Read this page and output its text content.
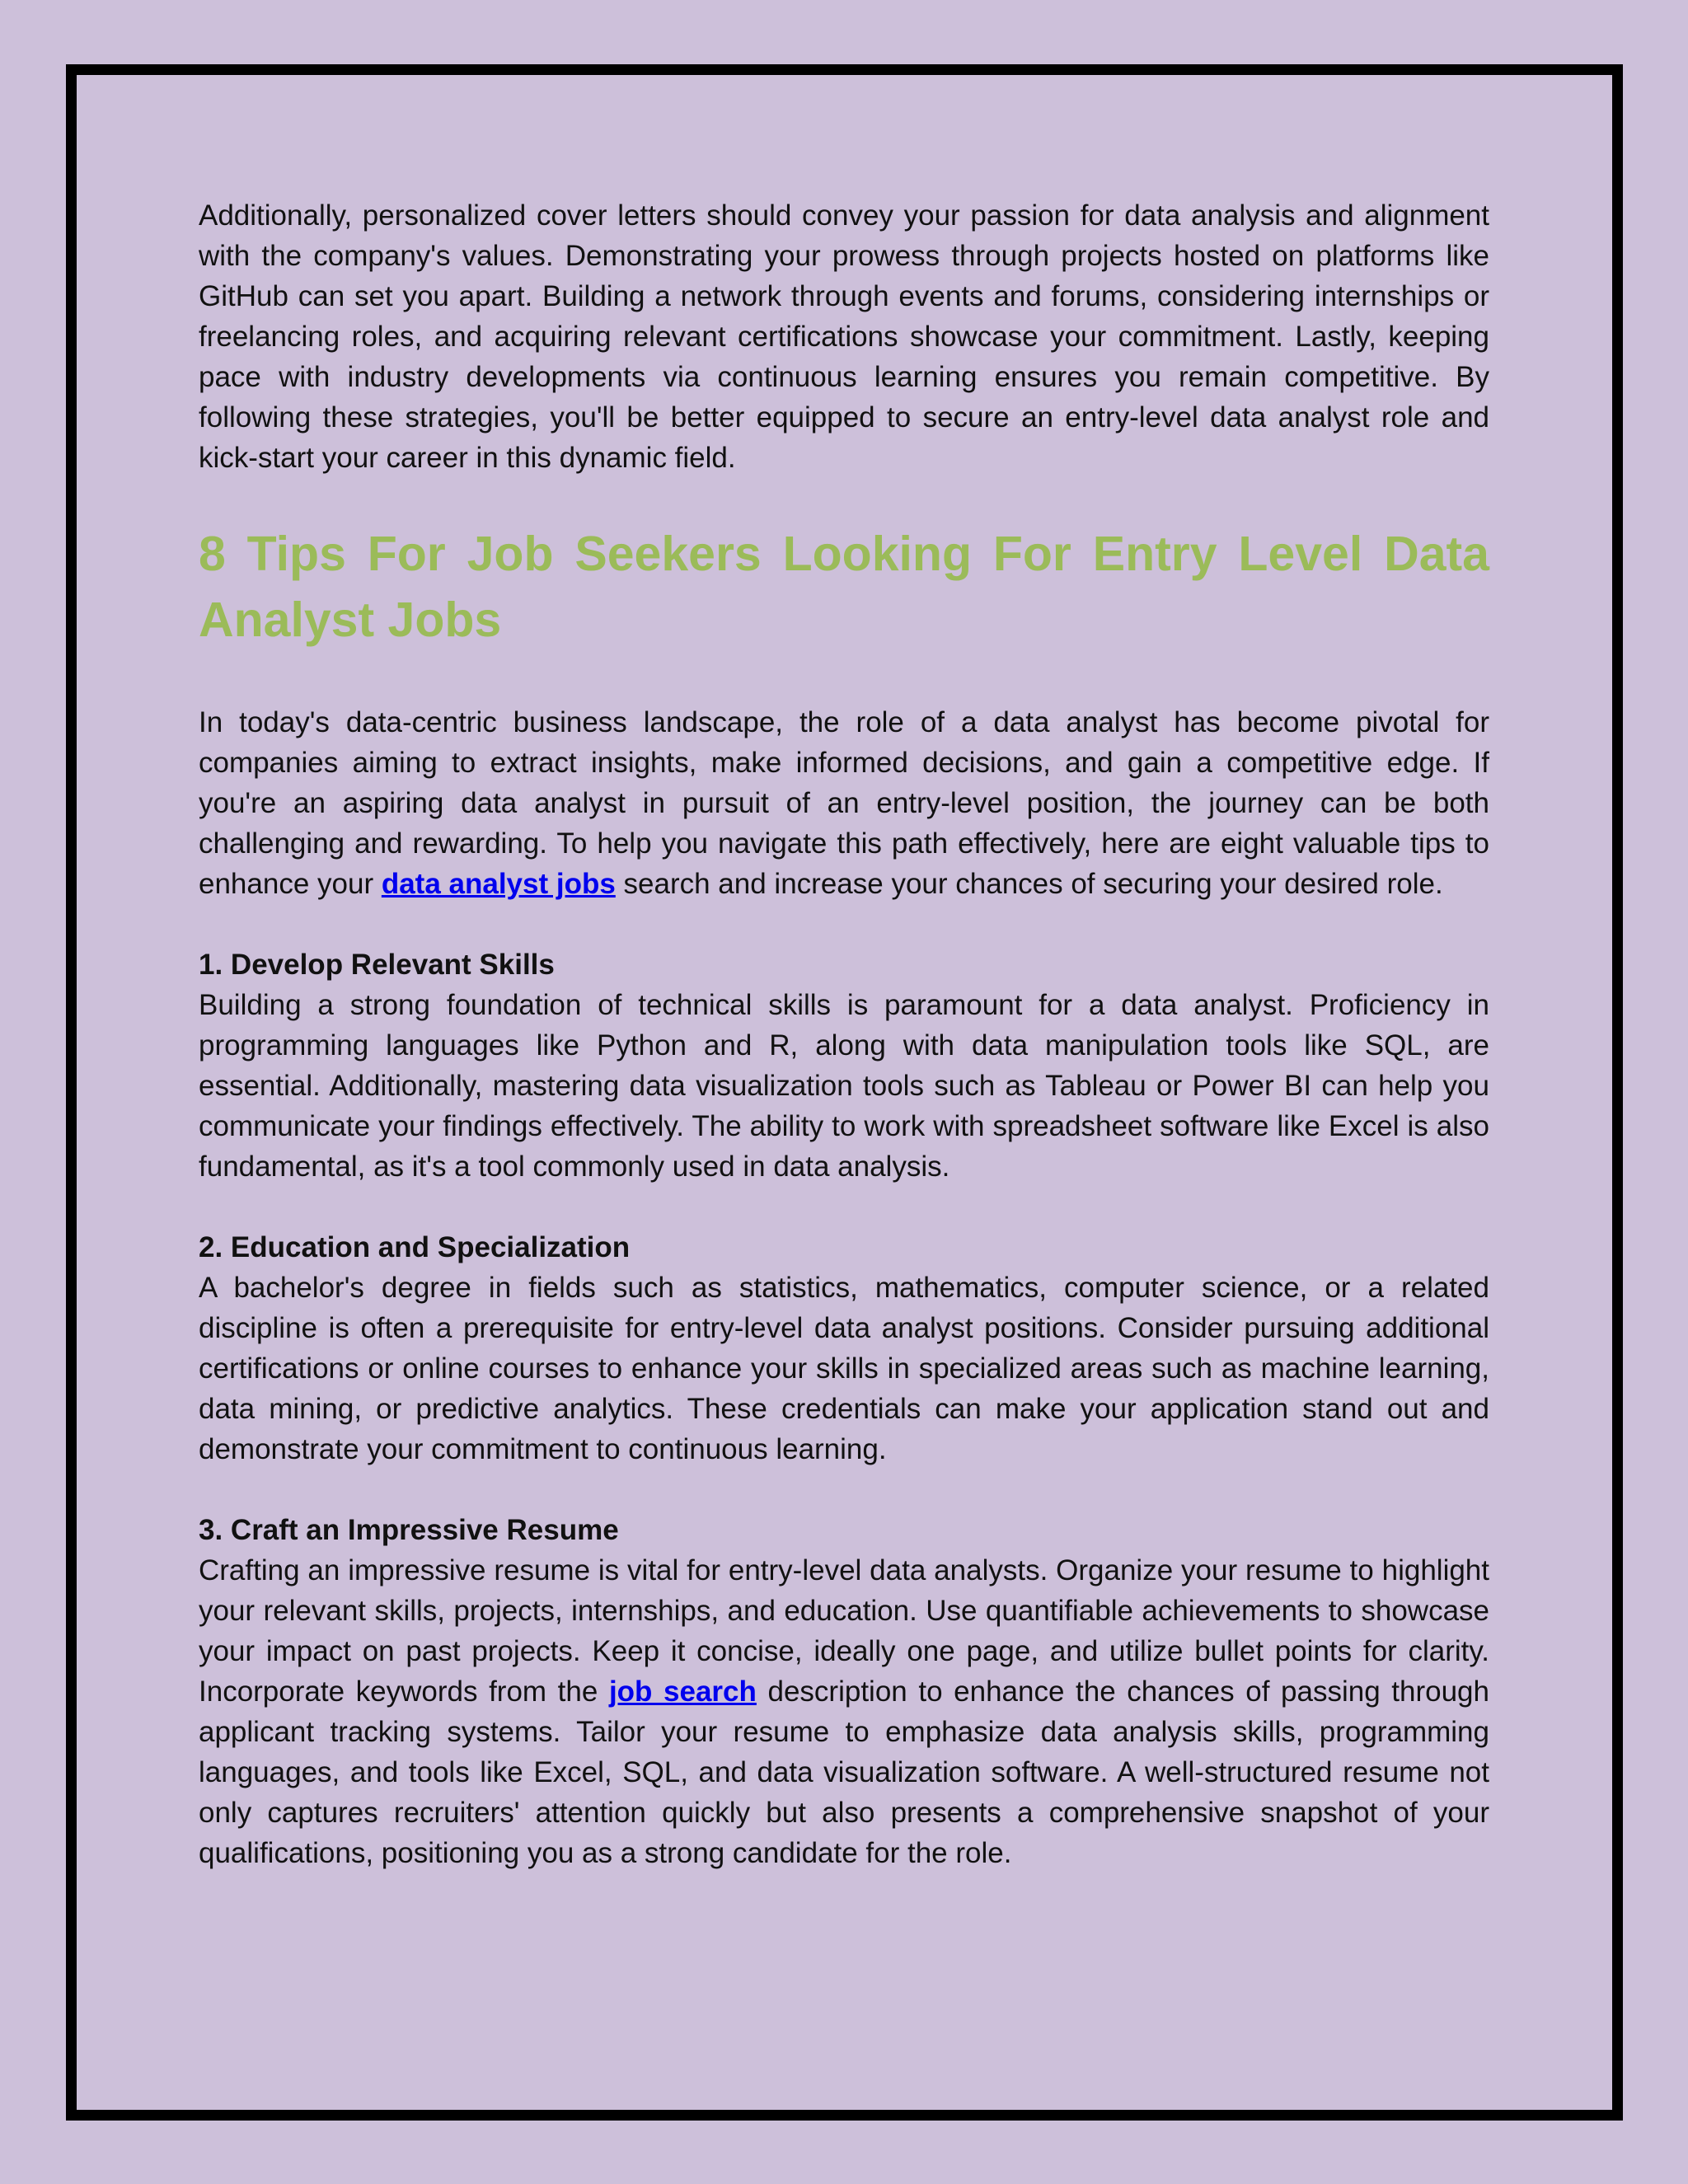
Additionally, personalized cover letters should convey your passion for data analysis and alignment with the company's values. Demonstrating your prowess through projects hosted on platforms like GitHub can set you apart. Building a network through events and forums, considering internships or freelancing roles, and acquiring relevant certifications showcase your commitment. Lastly, keeping pace with industry developments via continuous learning ensures you remain competitive. By following these strategies, you'll be better equipped to secure an entry-level data analyst role and kick-start your career in this dynamic field.

8 Tips For Job Seekers Looking For Entry Level Data Analyst Jobs

In today's data-centric business landscape, the role of a data analyst has become pivotal for companies aiming to extract insights, make informed decisions, and gain a competitive edge. If you're an aspiring data analyst in pursuit of an entry-level position, the journey can be both challenging and rewarding. To help you navigate this path effectively, here are eight valuable tips to enhance your data analyst jobs search and increase your chances of securing your desired role.

1. Develop Relevant Skills

Building a strong foundation of technical skills is paramount for a data analyst. Proficiency in programming languages like Python and R, along with data manipulation tools like SQL, are essential. Additionally, mastering data visualization tools such as Tableau or Power BI can help you communicate your findings effectively. The ability to work with spreadsheet software like Excel is also fundamental, as it's a tool commonly used in data analysis.

2. Education and Specialization

A bachelor's degree in fields such as statistics, mathematics, computer science, or a related discipline is often a prerequisite for entry-level data analyst positions. Consider pursuing additional certifications or online courses to enhance your skills in specialized areas such as machine learning, data mining, or predictive analytics. These credentials can make your application stand out and demonstrate your commitment to continuous learning.

3. Craft an Impressive Resume

Crafting an impressive resume is vital for entry-level data analysts. Organize your resume to highlight your relevant skills, projects, internships, and education. Use quantifiable achievements to showcase your impact on past projects. Keep it concise, ideally one page, and utilize bullet points for clarity. Incorporate keywords from the job search description to enhance the chances of passing through applicant tracking systems. Tailor your resume to emphasize data analysis skills, programming languages, and tools like Excel, SQL, and data visualization software. A well-structured resume not only captures recruiters' attention quickly but also presents a comprehensive snapshot of your qualifications, positioning you as a strong candidate for the role.
